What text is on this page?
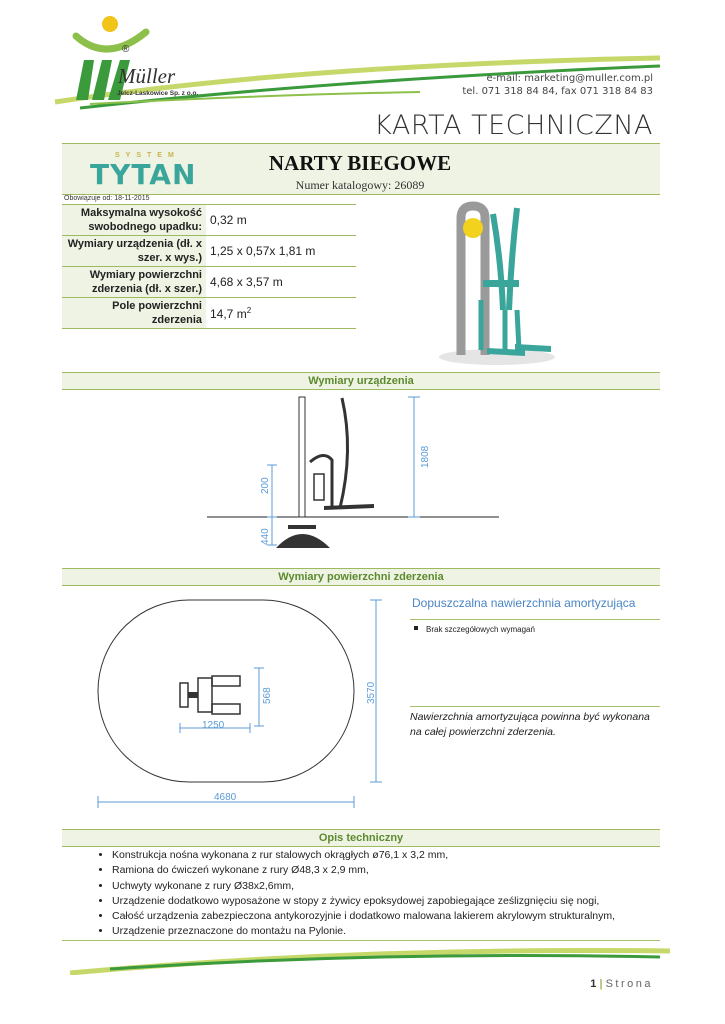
®
Müller
Jelcz-Laskowice Sp. z o.o.
e-mail: marketing@muller.com.pl
tel. 071 318 84 84, fax 071 318 84 83
KARTA TECHNICZNA
SYSTEM
TYTAN	NARTY BIEGOWE
Numer katalogowy: 26089
Obowiązuje od: 18-11-2015
Maksymalna wysokość swobodnego upadku:	0,32 m
Wymiary urządzenia (dł. x szer. x wys.)	1,25 x 0,57x 1,81 m
Wymiary powierzchni zderzenia (dł. x szer.)	4,68 x 3,57 m
Pole powierzchni zderzenia	14,7 $m^2$
Wymiary urządzenia
440
200
1808
Wymiary powierzchni zderzenia
568
1250
3570
4680
Dopuszczalna nawierzchnia amortyzująca
Brak szczegółowych wymagań
Nawierzchnia amortyzująca powinna być wykonana na całej powierzchni zderzenia.
Opis techniczny
• Konstrukcja nośna wykonana z rur stalowych okrągłych ø76,1 x 3,2 mm,
• Ramiona do ćwiczeń wykonane z rury Ø48,3 x 2,9 mm,
• Uchwyty wykonane z rury Ø38x2,6mm,
• Urządzenie dodatkowo wyposażone w stopy z żywicy epoksydowej zapobiegające ześlizgnięciu się nogi,
• Całość urządzenia zabezpieczona antykorozyjnie i dodatkowo malowana lakierem akrylowym strukturalnym,
• Urządzenie przeznaczone do montażu na Pylonie.
1 | Strona
